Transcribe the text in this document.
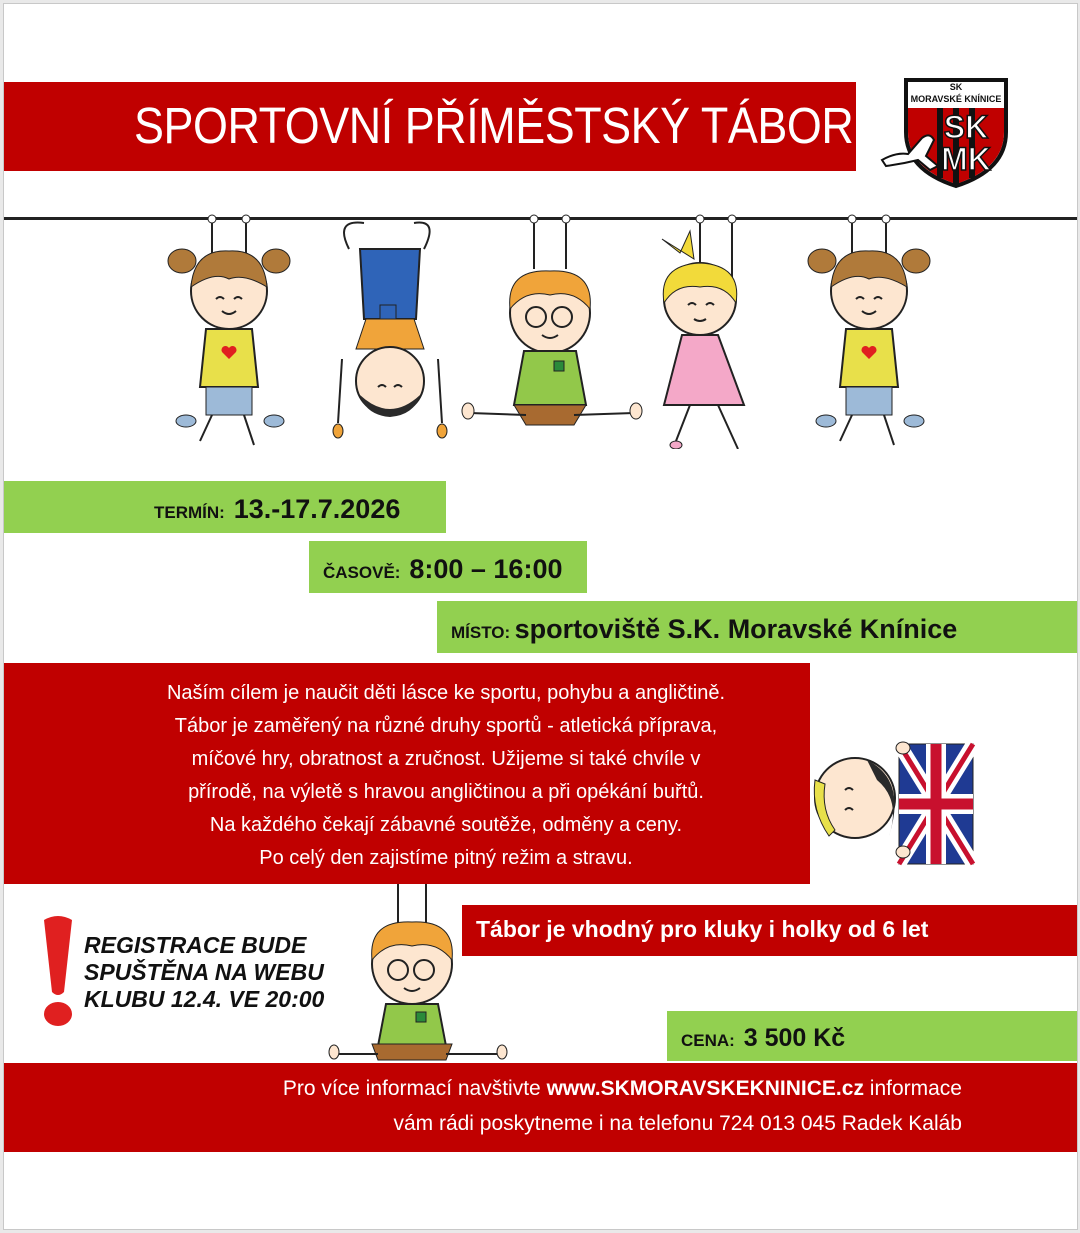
SPORTOVNÍ PŘÍMĚSTSKÝ TÁBOR
SK
MORAVSKÉ KNÍNICE
SK
MK
TERMÍN: 13.-17.7.2026
ČASOVĚ: 8:00 – 16:00
MÍSTO: sportoviště S.K. Moravské Knínice

Naším cílem je naučit děti lásce ke sportu, pohybu a angličtině.
Tábor je zaměřený na různé druhy sportů - atletická příprava,
míčové hry, obratnost a zručnost. Užijeme si také chvíle v
přírodě, na výletě s hravou angličtinou a při opékání buřtů.
Na každého čekají zábavné soutěže, odměny a ceny.
Po celý den zajistíme pitný režim a stravu.

Tábor je vhodný pro kluky i holky od 6 let
REGISTRACE BUDE
SPUŠTĚNA NA WEBU
KLUBU 12.4. VE 20:00
CENA: 3 500 Kč
Pro více informací navštivte www.SKMORAVSKEKNINICE.cz informace
vám rádi poskytneme i na telefonu 724 013 045 Radek Kaláb
